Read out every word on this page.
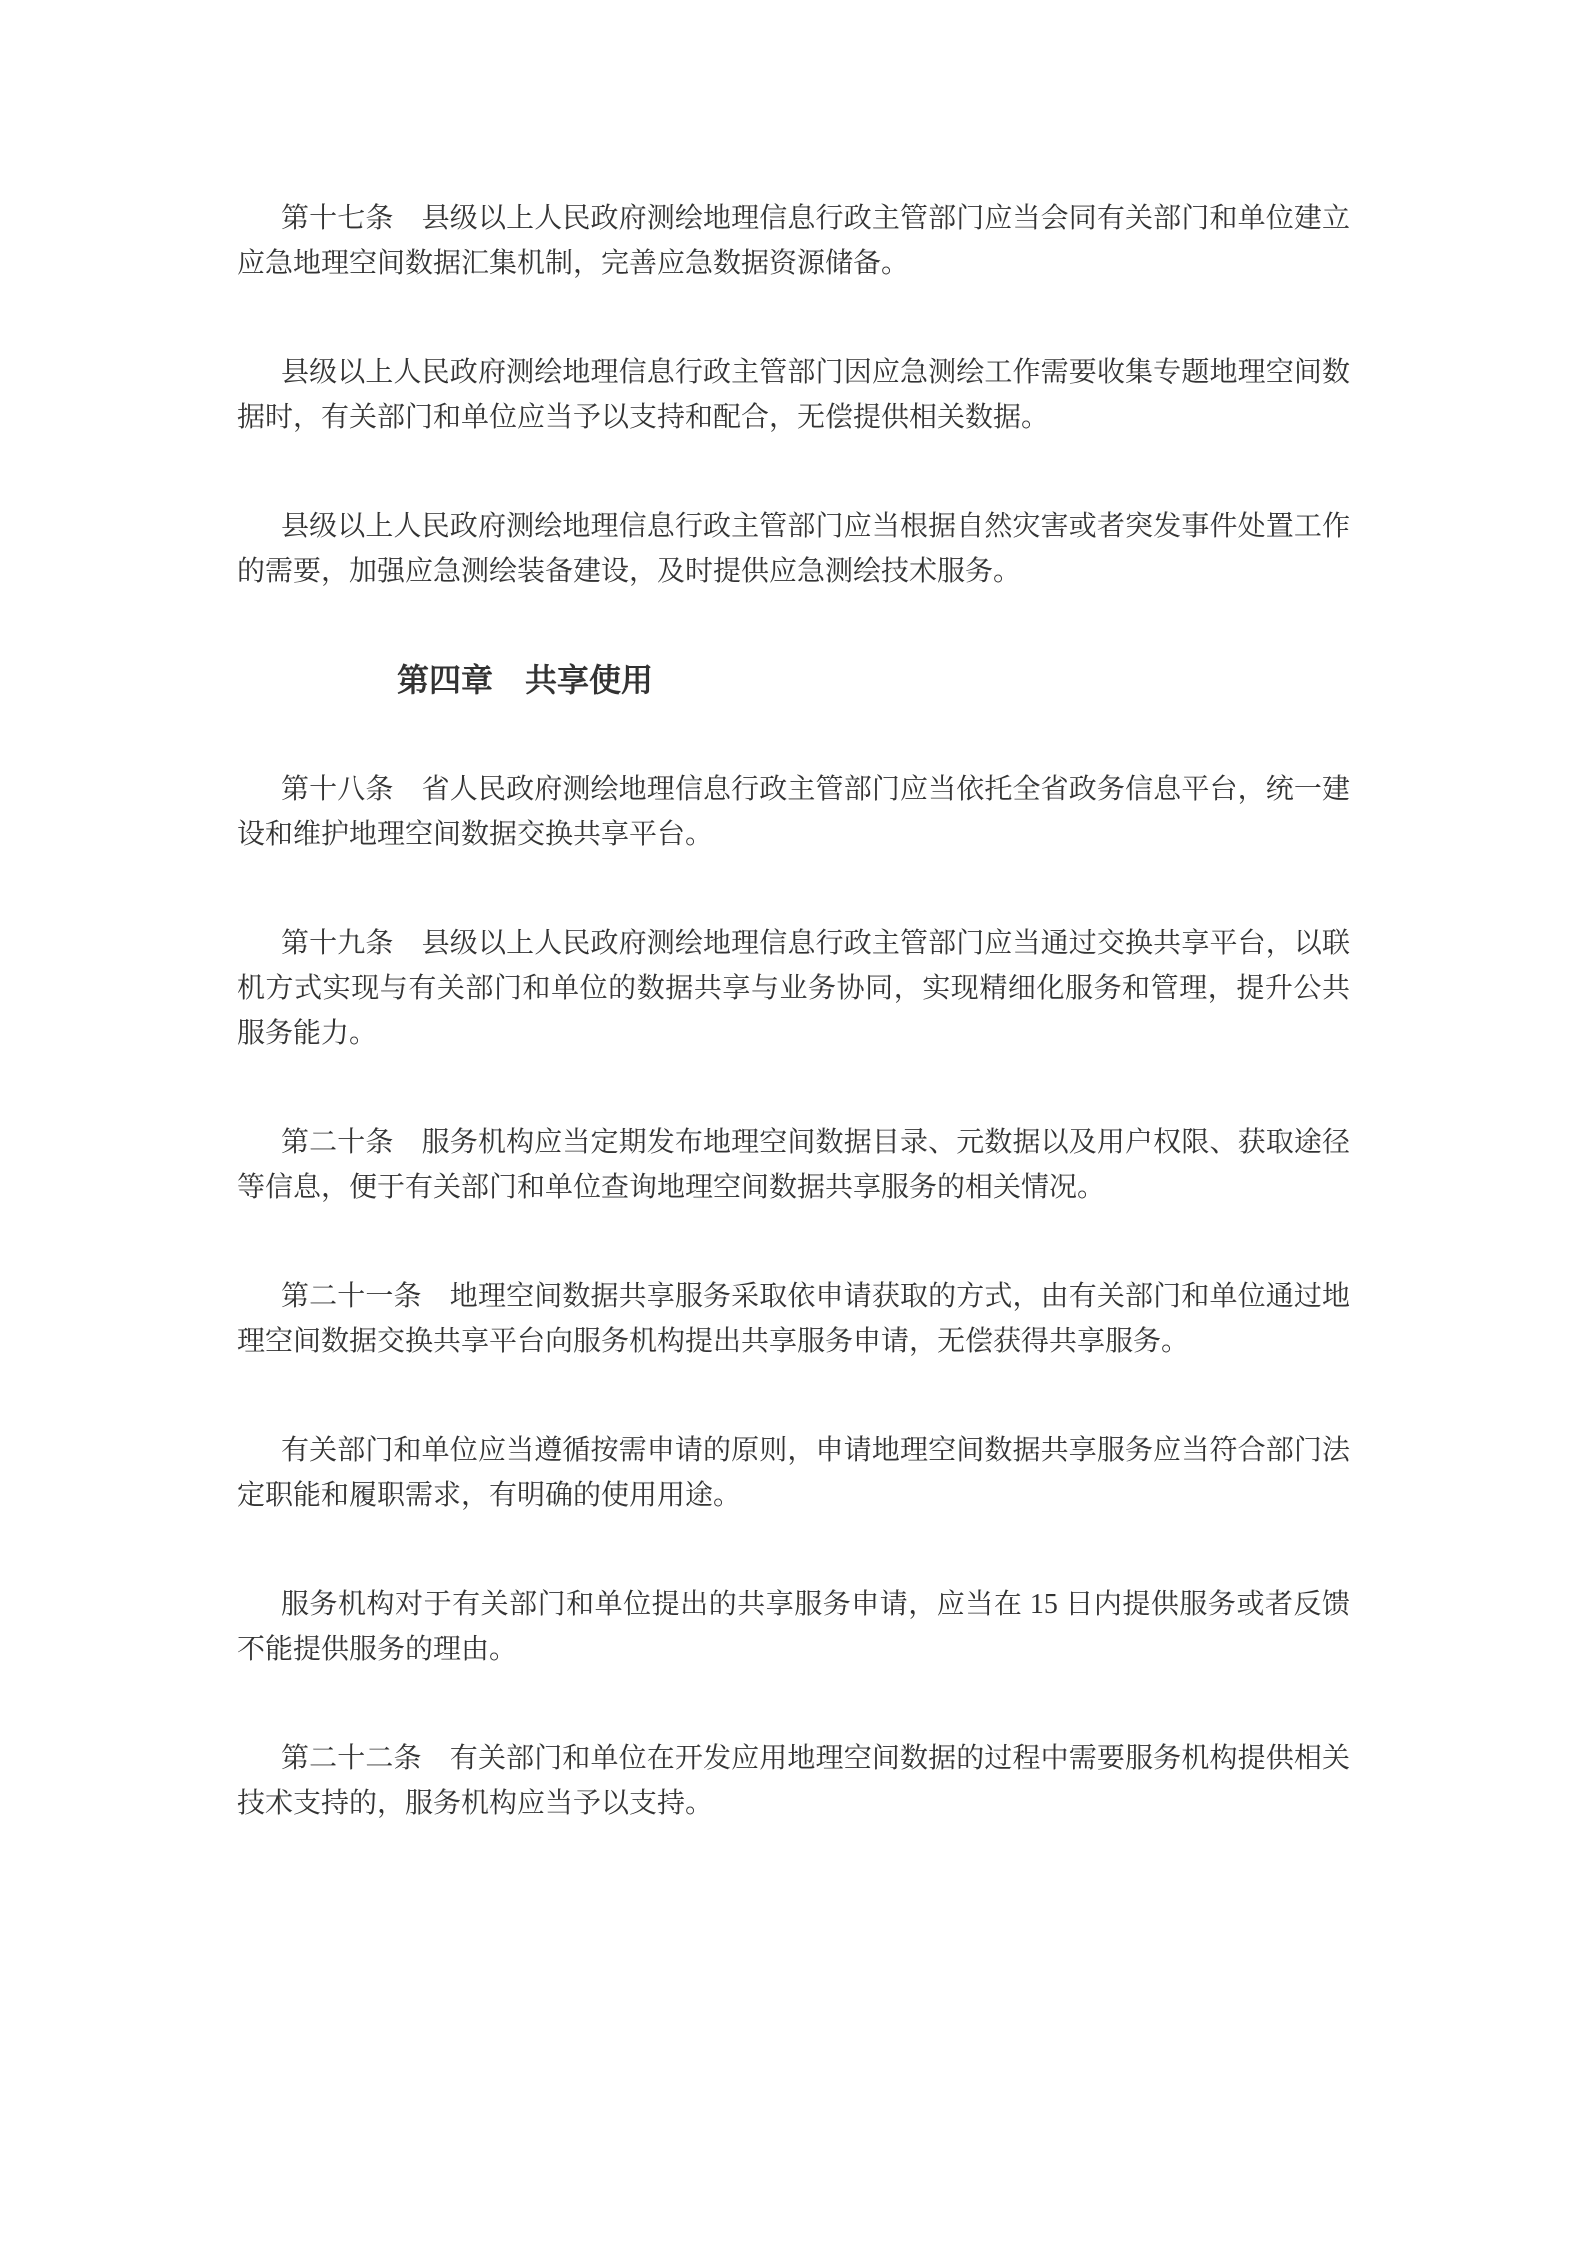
第十七条　县级以上人民政府测绘地理信息行政主管部门应当会同有关部门和单位建立应急地理空间数据汇集机制，完善应急数据资源储备。

县级以上人民政府测绘地理信息行政主管部门因应急测绘工作需要收集专题地理空间数据时，有关部门和单位应当予以支持和配合，无偿提供相关数据。

县级以上人民政府测绘地理信息行政主管部门应当根据自然灾害或者突发事件处置工作的需要，加强应急测绘装备建设，及时提供应急测绘技术服务。

第四章　共享使用

第十八条　省人民政府测绘地理信息行政主管部门应当依托全省政务信息平台，统一建设和维护地理空间数据交换共享平台。

第十九条　县级以上人民政府测绘地理信息行政主管部门应当通过交换共享平台，以联机方式实现与有关部门和单位的数据共享与业务协同，实现精细化服务和管理，提升公共服务能力。

第二十条　服务机构应当定期发布地理空间数据目录、元数据以及用户权限、获取途径等信息，便于有关部门和单位查询地理空间数据共享服务的相关情况。

第二十一条　地理空间数据共享服务采取依申请获取的方式，由有关部门和单位通过地理空间数据交换共享平台向服务机构提出共享服务申请，无偿获得共享服务。

有关部门和单位应当遵循按需申请的原则，申请地理空间数据共享服务应当符合部门法定职能和履职需求，有明确的使用用途。

服务机构对于有关部门和单位提出的共享服务申请，应当在 15 日内提供服务或者反馈不能提供服务的理由。

第二十二条　有关部门和单位在开发应用地理空间数据的过程中需要服务机构提供相关技术支持的，服务机构应当予以支持。
